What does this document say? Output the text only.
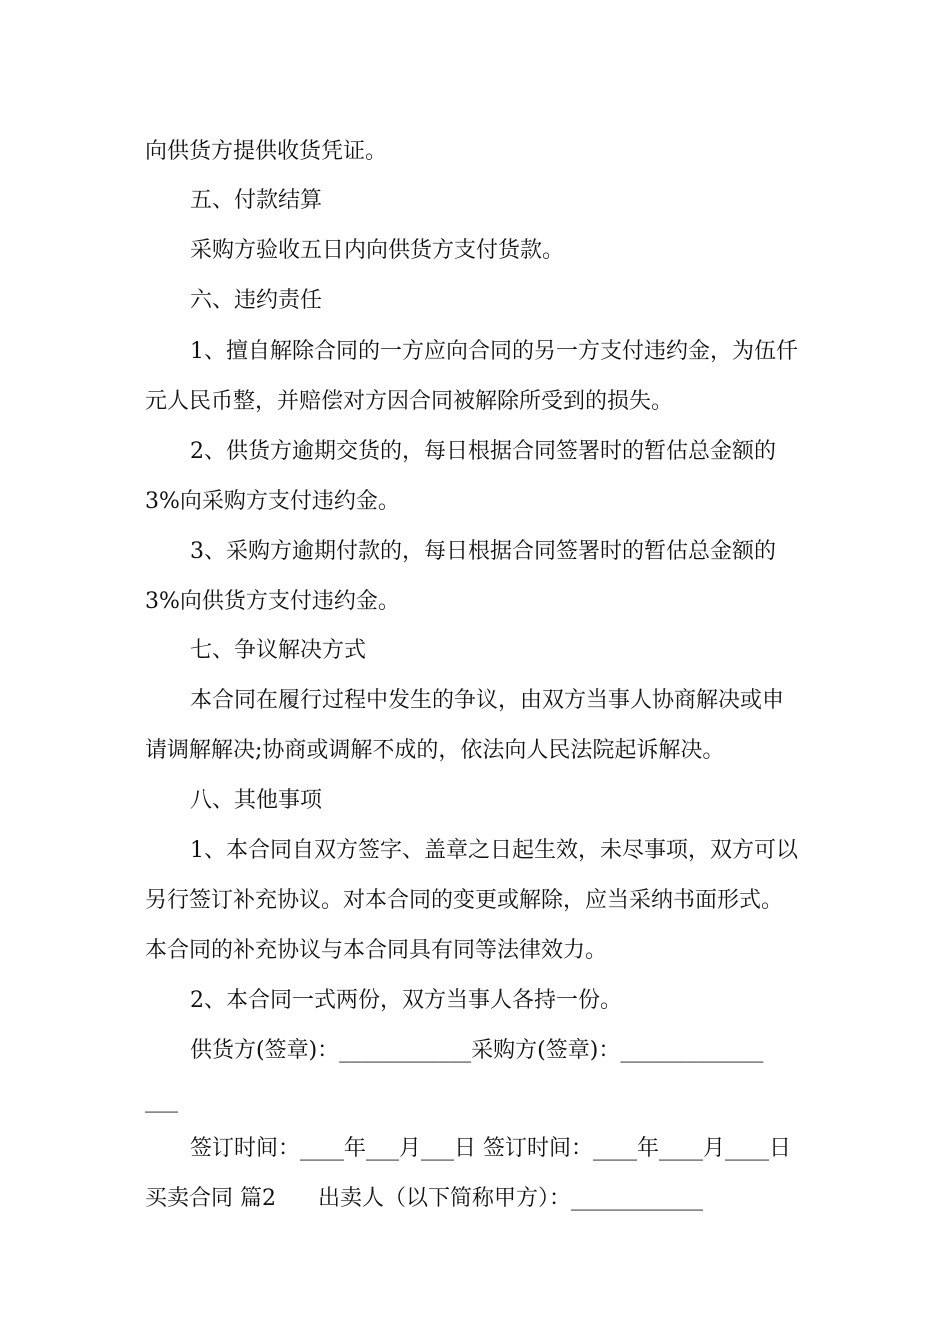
向供货方提供收货凭证。
五、付款结算
采购方验收五日内向供货方支付货款。
六、违约责任
1、擅自解除合同的一方应向合同的另一方支付违约金，为伍仟
元人民币整，并赔偿对方因合同被解除所受到的损失。
2、供货方逾期交货的，每日根据合同签署时的暂估总金额的
3%向采购方支付违约金。
3、采购方逾期付款的，每日根据合同签署时的暂估总金额的
3%向供货方支付违约金。
七、争议解决方式
本合同在履行过程中发生的争议，由双方当事人协商解决或申
请调解解决;协商或调解不成的，依法向人民法院起诉解决。
八、其他事项
1、本合同自双方签字、盖章之日起生效，未尽事项，双方可以
另行签订补充协议。对本合同的变更或解除，应当采纳书面形式。
本合同的补充协议与本合同具有同等法律效力。
2、本合同一式两份，双方当事人各持一份。
供货方(签章)：____________采购方(签章)：_____________
___
签订时间：____年___月___日 签订时间：____年____月____日
买卖合同 篇2      出卖人（以下简称甲方）：____________
